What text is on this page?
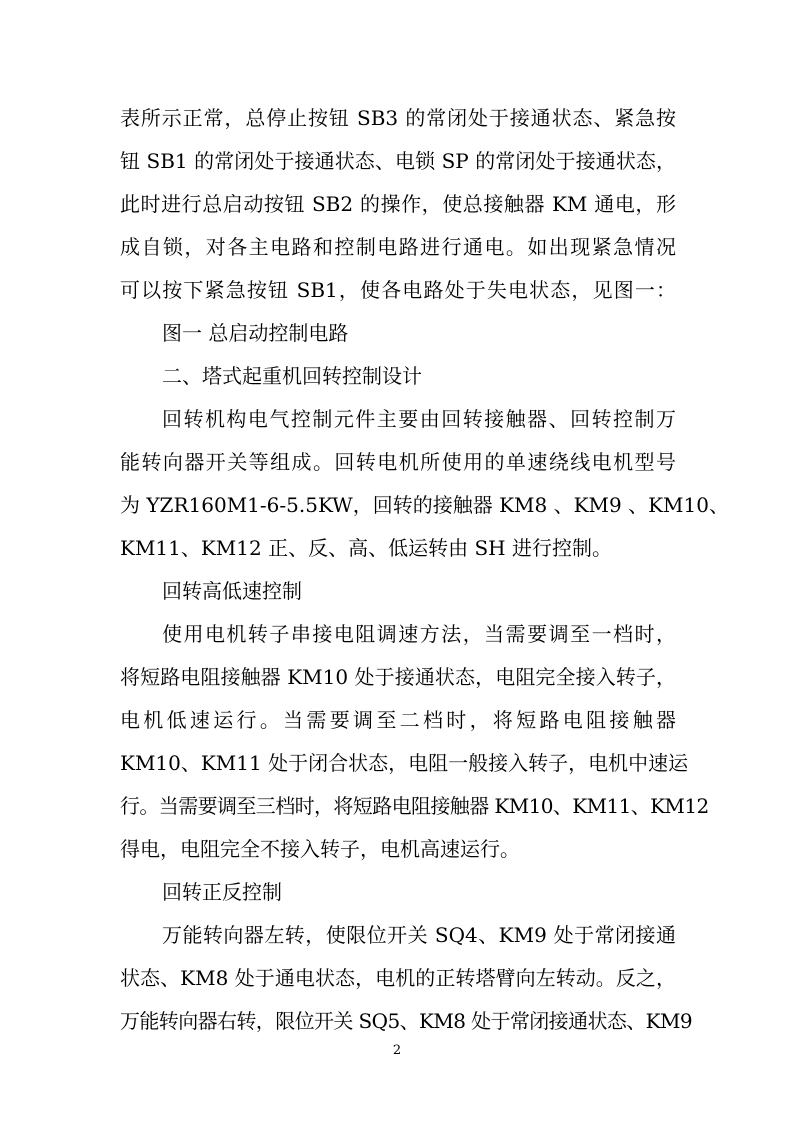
表所示正常，总停止按钮 SB3 的常闭处于接通状态、紧急按
钮 SB1 的常闭处于接通状态、电锁 SP 的常闭处于接通状态，
此时进行总启动按钮 SB2 的操作，使总接触器 KM 通电，形
成自锁，对各主电路和控制电路进行通电。如出现紧急情况
可以按下紧急按钮 SB1，使各电路处于失电状态，见图一：
图一 总启动控制电路
二、塔式起重机回转控制设计
回转机构电气控制元件主要由回转接触器、回转控制万
能转向器开关等组成。回转电机所使用的单速绕线电机型号
为 YZR160M1-6-5.5KW，回转的接触器 KM8 、KM9 、KM10、
KM11、KM12 正、反、高、低运转由 SH 进行控制。
回转高低速控制
使用电机转子串接电阻调速方法，当需要调至一档时，
将短路电阻接触器 KM10 处于接通状态，电阻完全接入转子，
电机低速运行。当需要调至二档时，将短路电阻接触器
KM10、KM11 处于闭合状态，电阻一般接入转子，电机中速运
行。当需要调至三档时，将短路电阻接触器 KM10、KM11、KM12
得电，电阻完全不接入转子，电机高速运行。
回转正反控制
万能转向器左转，使限位开关 SQ4、KM9 处于常闭接通
状态、KM8 处于通电状态，电机的正转塔臂向左转动。反之，
万能转向器右转，限位开关 SQ5、KM8 处于常闭接通状态、KM9
2
